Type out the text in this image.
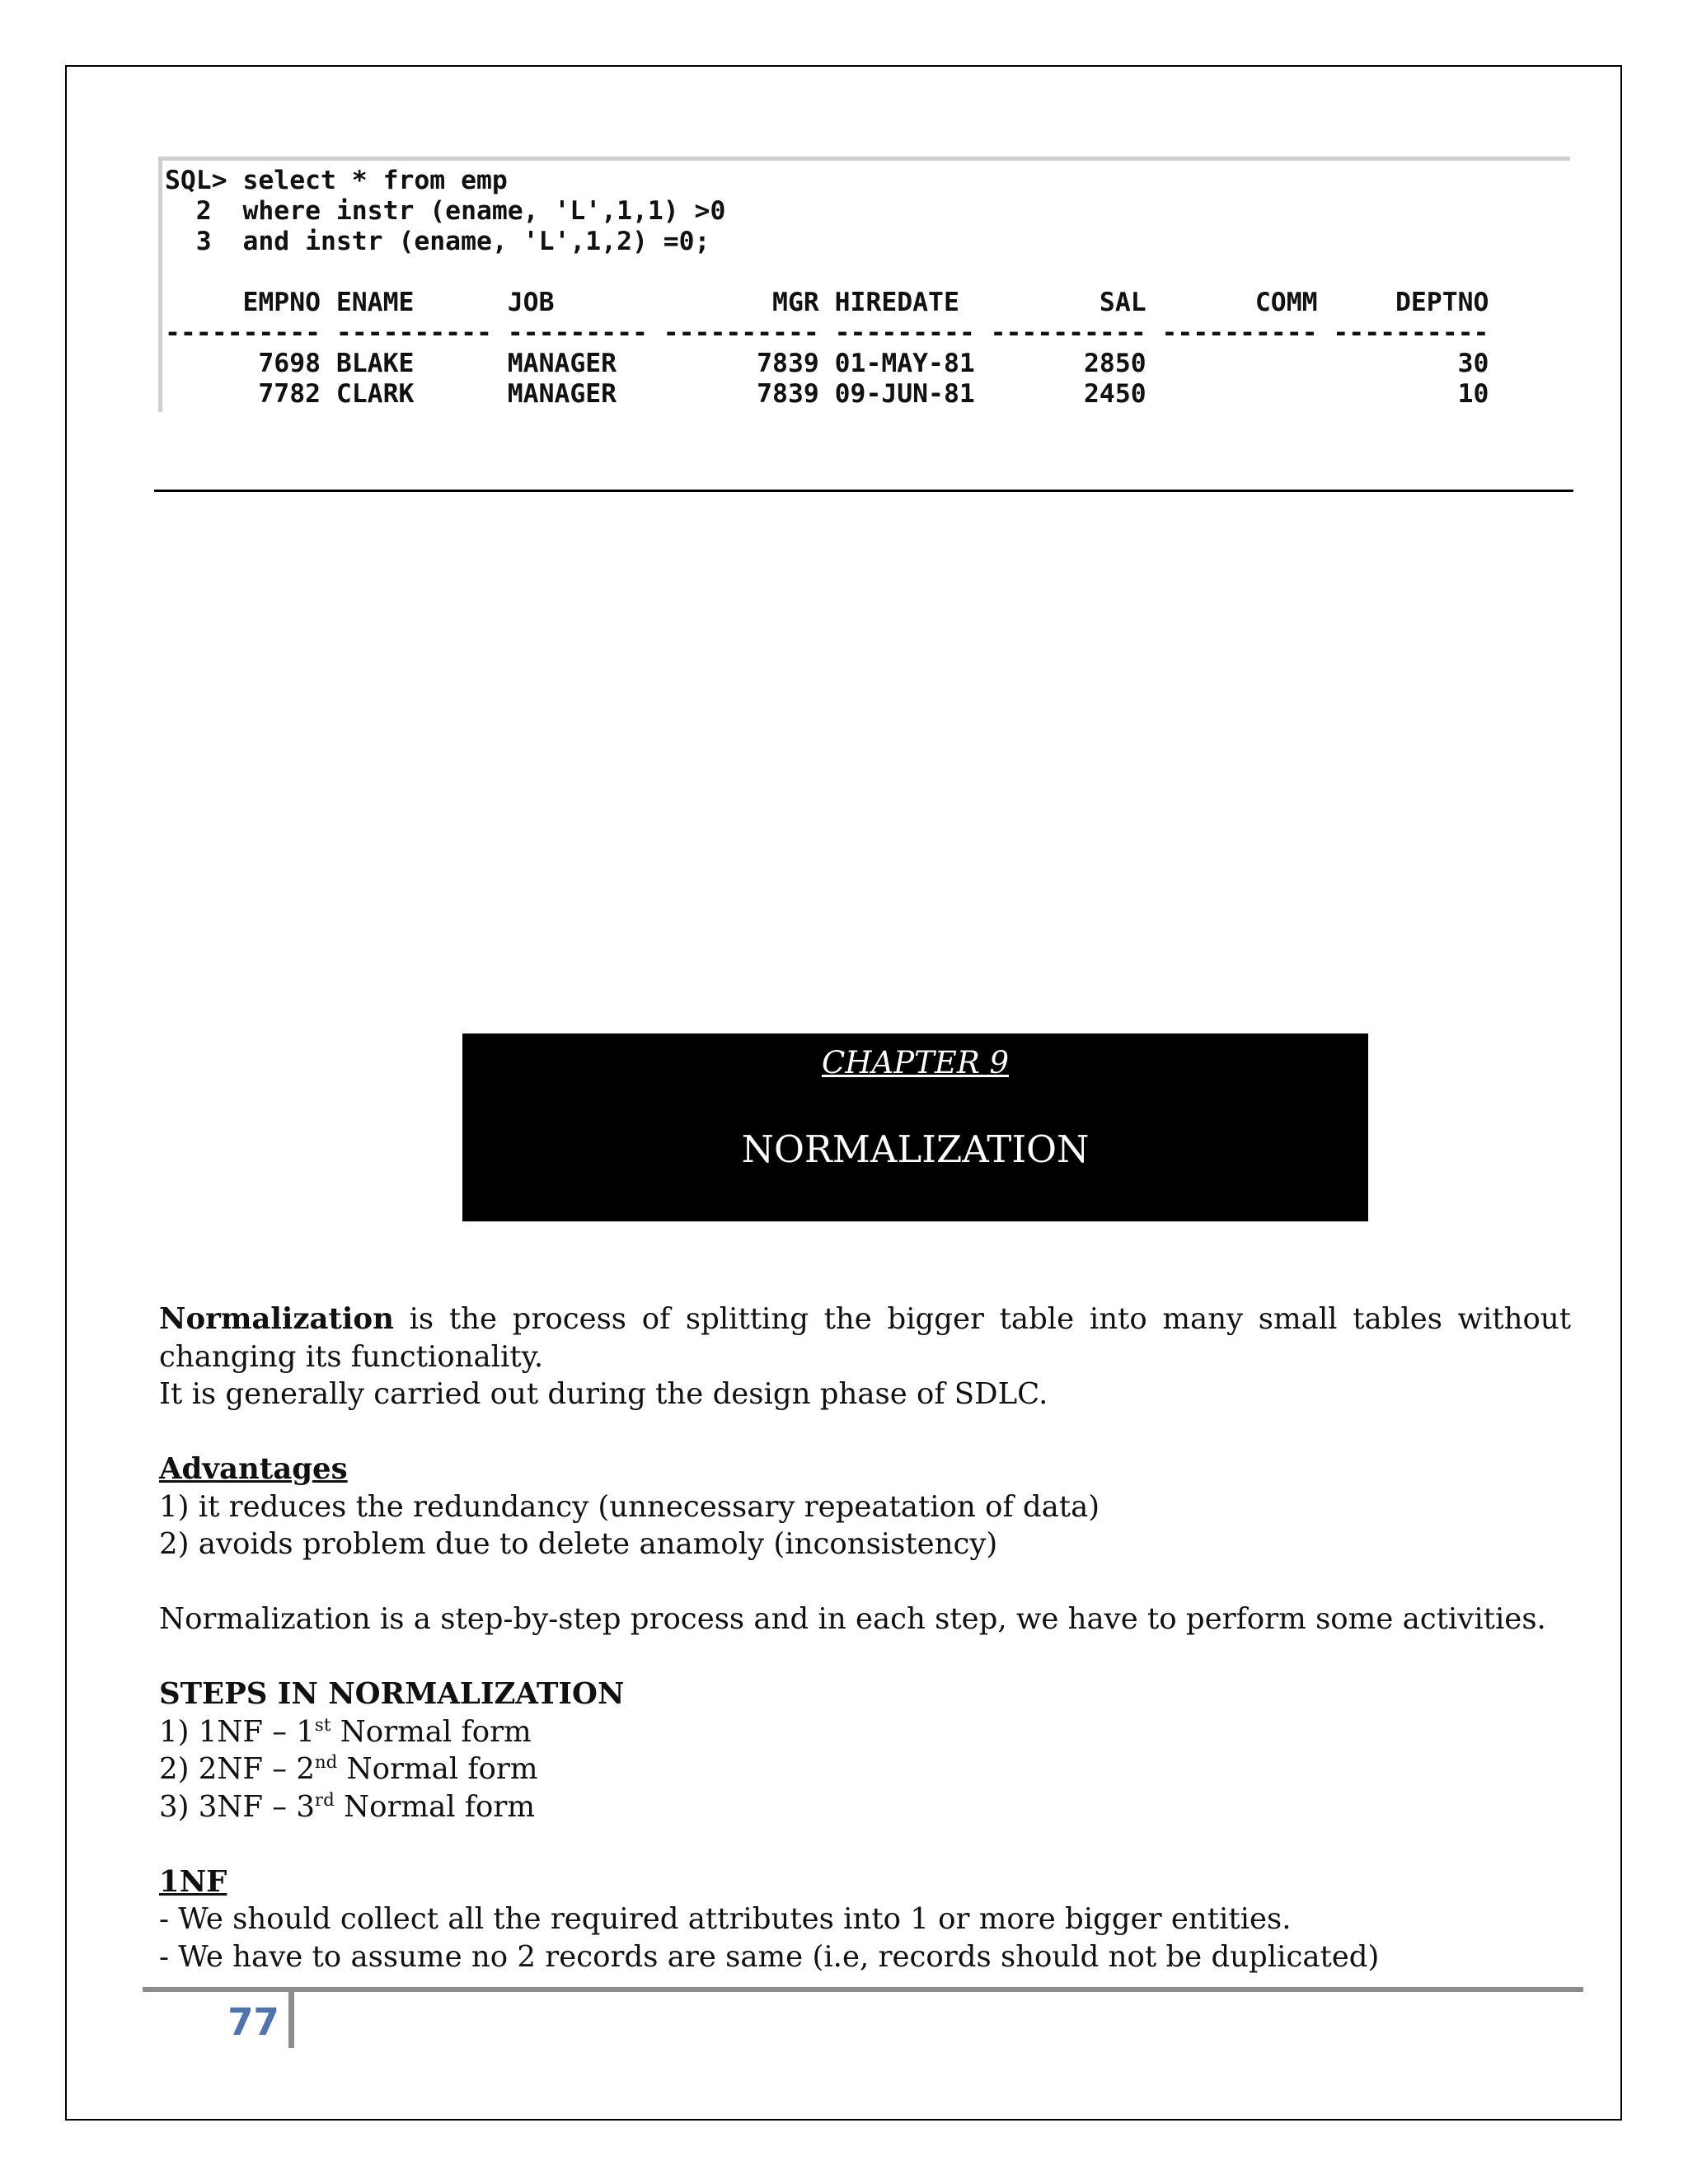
SQL> select * from emp
2  where instr (ename, 'L',1,1) >0
3  and instr (ename, 'L',1,2) =0;
EMPNO ENAME      JOB              MGR HIREDATE         SAL       COMM     DEPTNO
---------- ---------- --------- ---------- --------- ---------- ---------- ----------
7698 BLAKE      MANAGER         7839 01-MAY-81       2850                    30
7782 CLARK      MANAGER         7839 09-JUN-81       2450                    10
CHAPTER 9
NORMALIZATION

Normalization is the process of splitting the bigger table into many small tables without changing its functionality.

It is generally carried out during the design phase of SDLC.

Advantages

1) it reduces the redundancy (unnecessary repeatation of data)

2) avoids problem due to delete anamoly (inconsistency)

Normalization is a step-by-step process and in each step, we have to perform some activities.

STEPS IN NORMALIZATION

1) 1NF – 1st Normal form

2) 2NF – 2nd Normal form

3) 3NF – 3rd Normal form

1NF

- We should collect all the required attributes into 1 or more bigger entities.

- We have to assume no 2 records are same (i.e, records should not be duplicated)

77
